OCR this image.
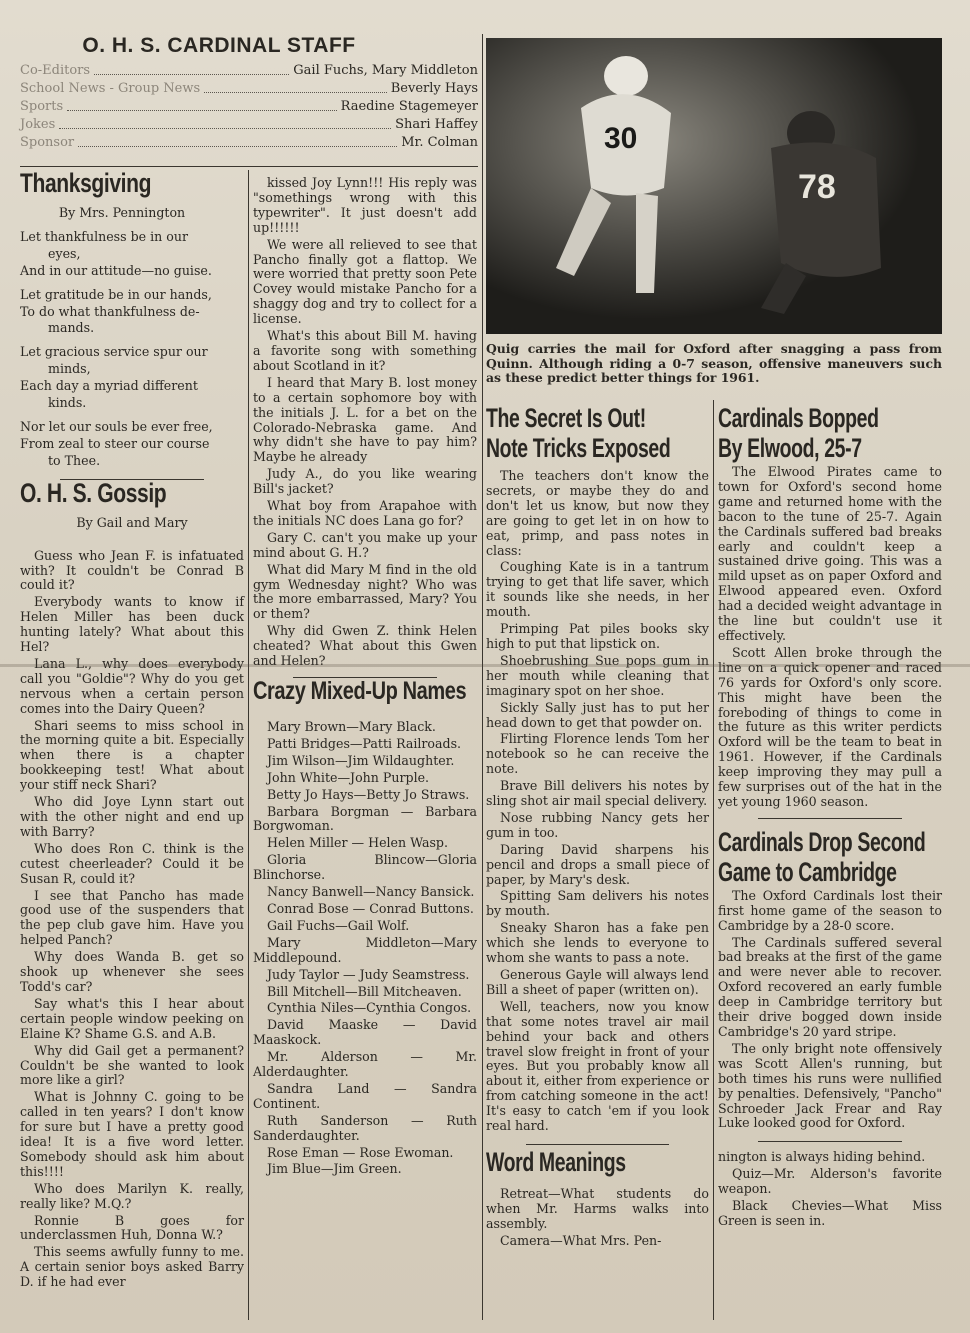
O. H. S. CARDINAL STAFF
Co-Editors	Gail Fuchs, Mary Middleton
School News - Group News	Beverly Hays
Sports	Raedine Stagemeyer
Jokes	Shari Haffey
Sponsor	Mr. Colman
Thanksgiving

By Mrs. Pennington

Let thankfulness be in our

eyes,

And in our attitude—no guise.

Let gratitude be in our hands,

To do what thankfulness de-

mands.

Let gracious service spur our

minds,

Each day a myriad different

kinds.

Nor let our souls be ever free,

From zeal to steer our course

to Thee.

O. H. S. Gossip

By Gail and Mary

Guess who Jean F. is infatuated with? It couldn't be Conrad B could it?

Everybody wants to know if Helen Miller has been duck hunting lately? What about this Hel?

Lana L., why does everybody call you "Goldie"? Why do you get nervous when a certain person comes into the Dairy Queen?

Shari seems to miss school in the morning quite a bit. Especially when there is a chapter bookkeeping test! What about your stiff neck Shari?

Who did Joye Lynn start out with the other night and end up with Barry?

Who does Ron C. think is the cutest cheerleader? Could it be Susan R, could it?

I see that Pancho has made good use of the suspenders that the pep club gave him. Have you helped Panch?

Why does Wanda B. get so shook up whenever she sees Todd's car?

Say what's this I hear about certain people window peeking on Elaine K? Shame G.S. and A.B.

Why did Gail get a permanent? Couldn't be she wanted to look more like a girl?

What is Johnny C. going to be called in ten years? I don't know for sure but I have a pretty good idea! It is a five word letter. Somebody should ask him about this!!!!

Who does Marilyn K. really, really like? M.Q.?

Ronnie B goes for underclassmen Huh, Donna W.?

This seems awfully funny to me. A certain senior boys asked Barry D. if he had ever

kissed Joy Lynn!!! His reply was "somethings wrong with this typewriter". It just doesn't add up!!!!!!

We were all relieved to see that Pancho finally got a flattop. We were worried that pretty soon Pete Covey would mistake Pancho for a shaggy dog and try to collect for a license.

What's this about Bill M. having a favorite song with something about Scotland in it?

I heard that Mary B. lost money to a certain sophomore boy with the initials J. L. for a bet on the Colorado-Nebraska game. And why didn't she have to pay him? Maybe he already

Judy A., do you like wearing Bill's jacket?

What boy from Arapahoe with the initials NC does Lana go for?

Gary C. can't you make up your mind about G. H.?

What did Mary M find in the old gym Wednesday night? Who was the more embarrassed, Mary? You or them?

Why did Gwen Z. think Helen cheated? What about this Gwen and Helen?

Crazy Mixed-Up Names

Mary Brown—Mary Black.

Patti Bridges—Patti Railroads.

Jim Wilson—Jim Wildaughter.

John White—John Purple.

Betty Jo Hays—Betty Jo Straws.

Barbara Borgman — Barbara Borgwoman.

Helen Miller — Helen Wasp.

Gloria Blincow—Gloria Blinchorse.

Nancy Banwell—Nancy Bansick.

Conrad Bose — Conrad Buttons.

Gail Fuchs—Gail Wolf.

Mary Middleton—Mary Middlepound.

Judy Taylor — Judy Seamstress.

Bill Mitchell—Bill Mitcheaven.

Cynthia Niles—Cynthia Congos.

David Maaske — David Maaskock.

Mr. Alderson — Mr. Alderdaughter.

Sandra Land — Sandra Continent.

Ruth Sanderson — Ruth Sanderdaughter.

Rose Eman — Rose Ewoman.

Jim Blue—Jim Green.

30
78
Quig carries the mail for Oxford after snagging a pass from Quinn. Although riding a 0-7 season, offensive maneuvers such as these predict better things for 1961.
The Secret Is Out!
Note Tricks Exposed

The teachers don't know the secrets, or maybe they do and don't let us know, but now they are going to get let in on how to eat, primp, and pass notes in class:

Coughing Kate is in a tantrum trying to get that life saver, which it sounds like she needs, in her mouth.

Primping Pat piles books sky high to put that lipstick on.

Shoebrushing Sue pops gum in her mouth while cleaning that imaginary spot on her shoe.

Sickly Sally just has to put her head down to get that powder on.

Flirting Florence lends Tom her notebook so he can receive the note.

Brave Bill delivers his notes by sling shot air mail special delivery.

Nose rubbing Nancy gets her gum in too.

Daring David sharpens his pencil and drops a small piece of paper, by Mary's desk.

Spitting Sam delivers his notes by mouth.

Sneaky Sharon has a fake pen which she lends to everyone to whom she wants to pass a note.

Generous Gayle will always lend Bill a sheet of paper (written on).

Well, teachers, now you know that some notes travel air mail behind your back and others travel slow freight in front of your eyes. But you probably know all about it, either from experience or from catching someone in the act! It's easy to catch 'em if you look real hard.

Word Meanings

Retreat—What students do when Mr. Harms walks into assembly.

Camera—What Mrs. Pen-

Cardinals Bopped
By Elwood, 25-7

The Elwood Pirates came to town for Oxford's second home game and returned home with the bacon to the tune of 25-7. Again the Cardinals suffered bad breaks early and couldn't keep a sustained drive going. This was a mild upset as on paper Oxford and Elwood appeared even. Oxford had a decided weight advantage in the line but couldn't use it effectively.

Scott Allen broke through the line on a quick opener and raced 76 yards for Oxford's only score. This might have been the foreboding of things to come in the future as this writer perdicts Oxford will be the team to beat in 1961. However, if the Cardinals keep improving they may pull a few surprises out of the hat in the yet young 1960 season.

Cardinals Drop Second
Game to Cambridge

The Oxford Cardinals lost their first home game of the season to Cambridge by a 28-0 score.

The Cardinals suffered several bad breaks at the first of the game and were never able to recover. Oxford recovered an early fumble deep in Cambridge territory but their drive bogged down inside Cambridge's 20 yard stripe.

The only bright note offensively was Scott Allen's running, but both times his runs were nullified by penalties. Defensively, "Pancho" Schroeder Jack Frear and Ray Luke looked good for Oxford.

nington is always hiding behind.

Quiz—Mr. Alderson's favorite weapon.

Black Chevies—What Miss Green is seen in.
